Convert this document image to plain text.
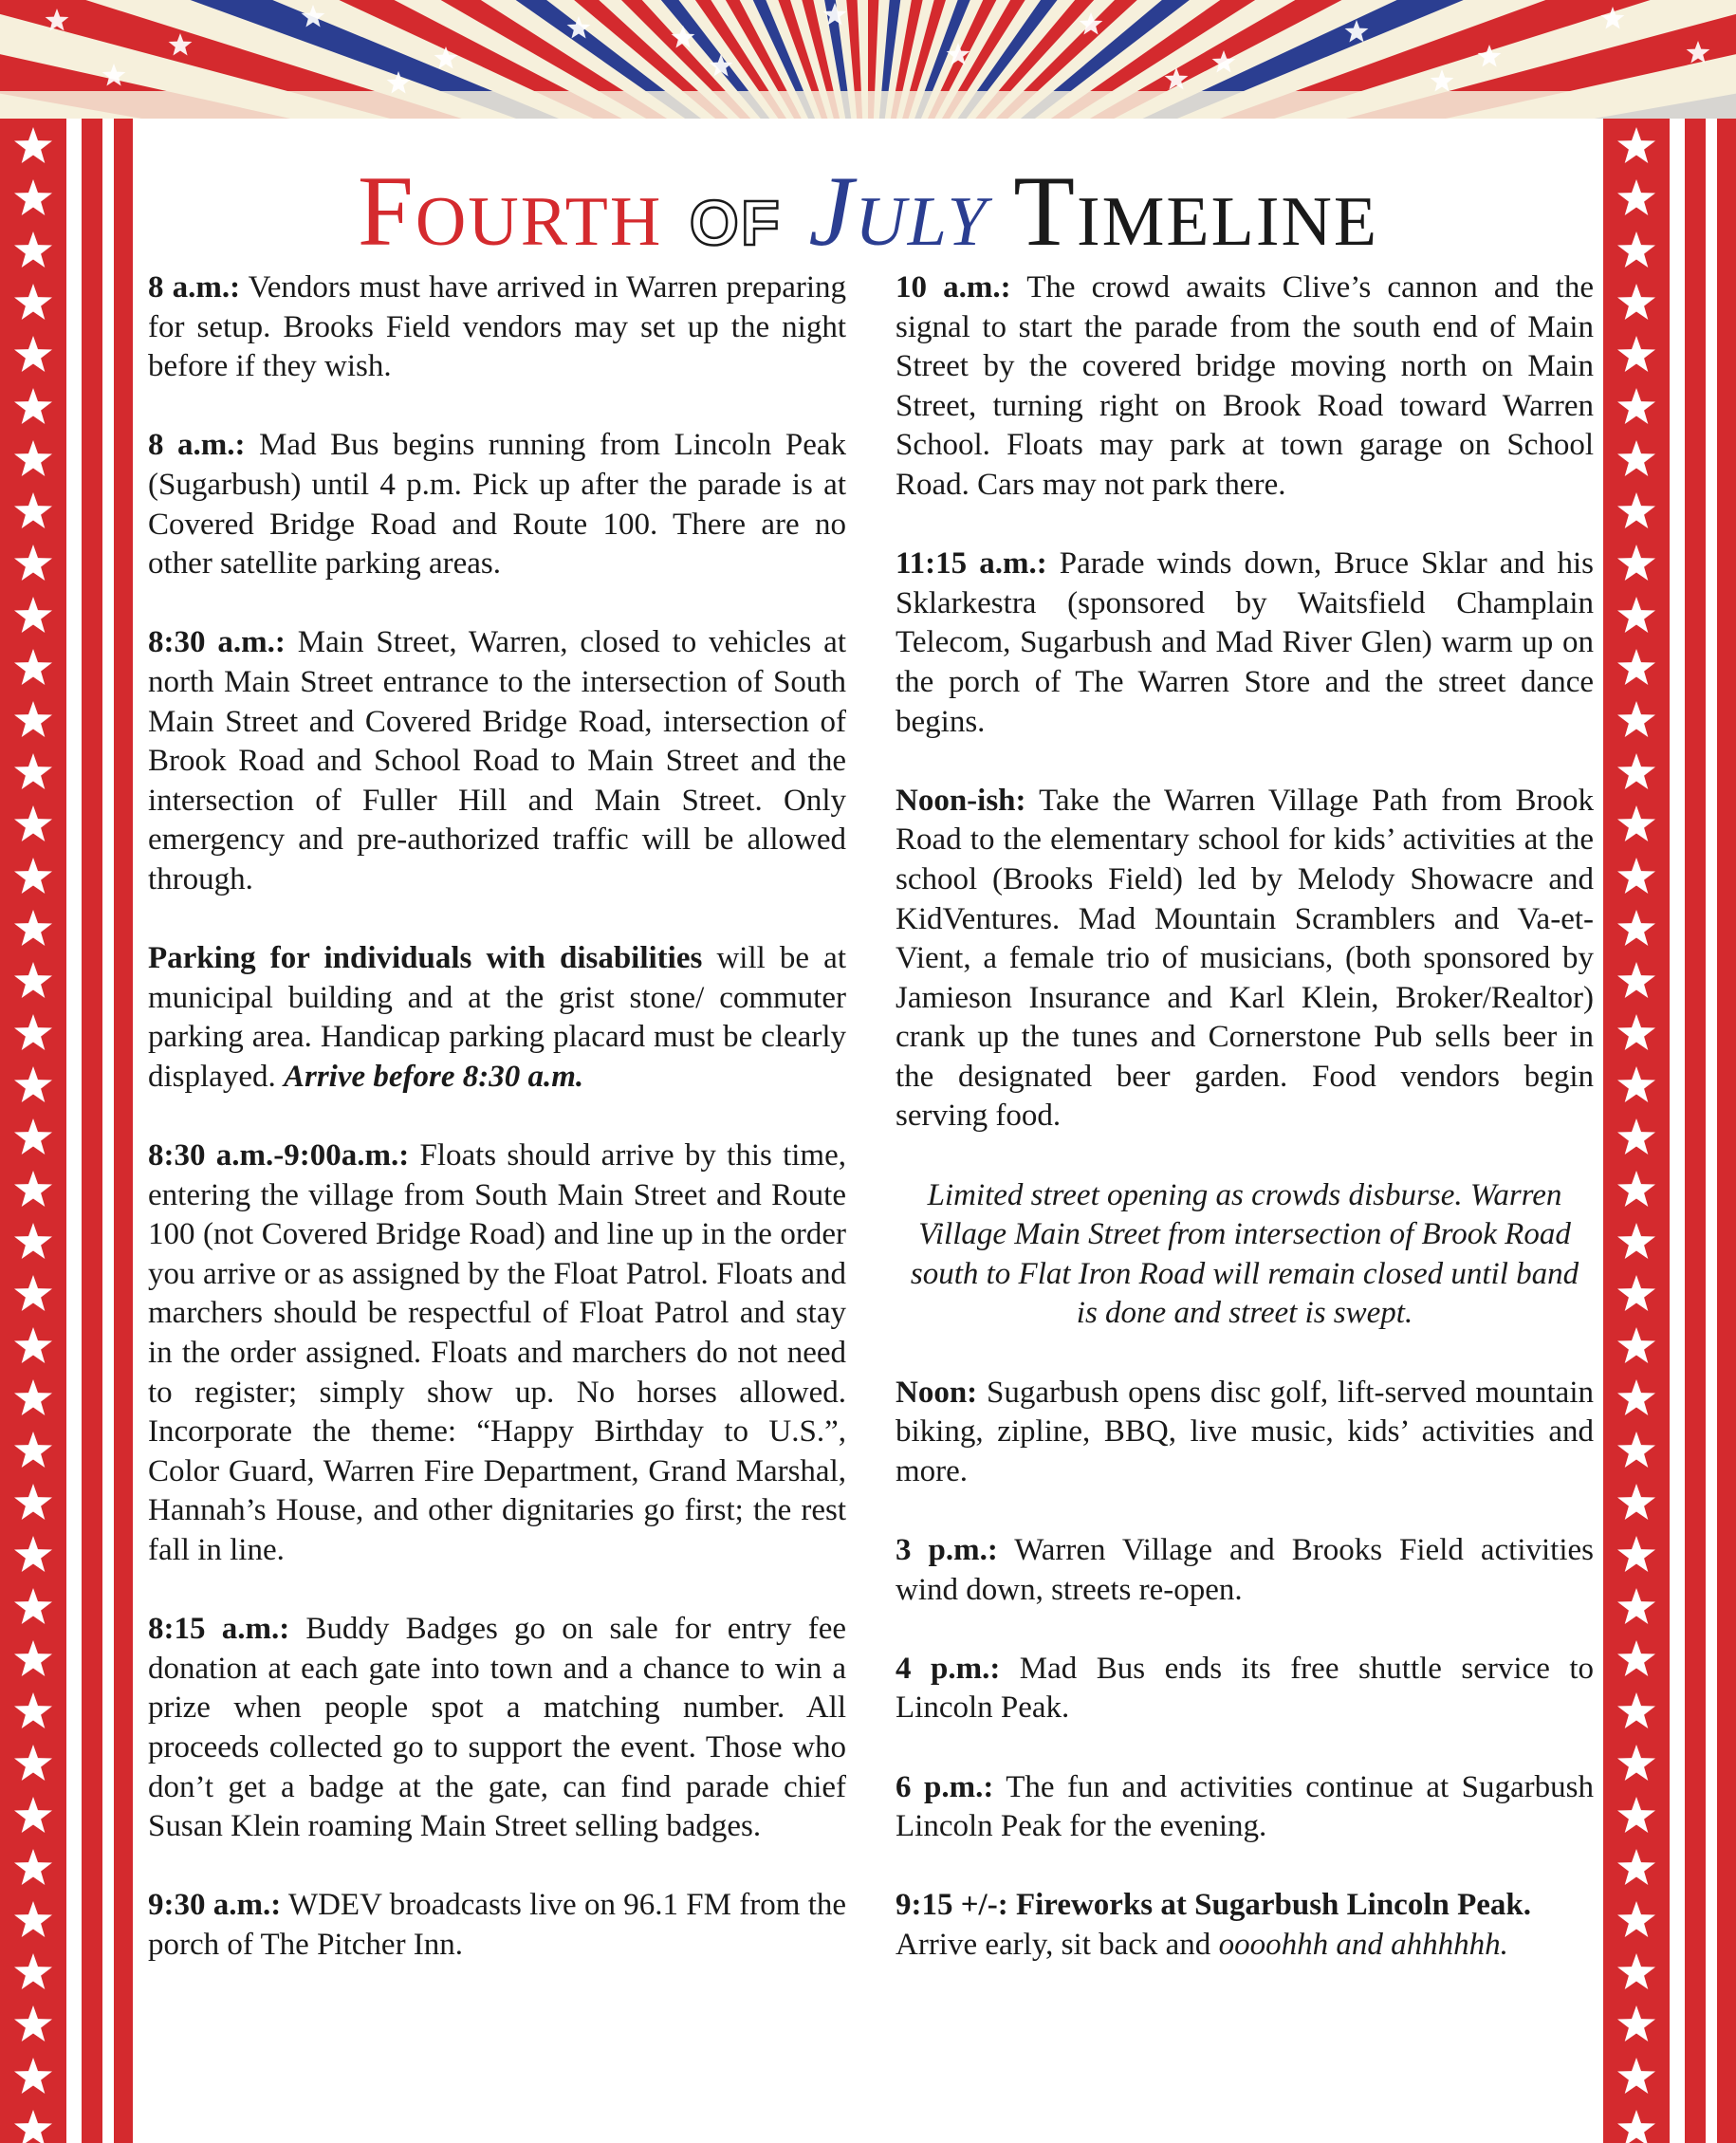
Fourth of July Timeline

8 a.m.: Vendors must have arrived in Warren preparing for setup. Brooks Field vendors may set up the night before if they wish.

8 a.m.: Mad Bus begins running from Lincoln Peak (Sugarbush) until 4 p.m. Pick up after the parade is at Covered Bridge Road and Route 100. There are no other satellite parking areas.

8:30 a.m.: Main Street, Warren, closed to vehicles at north Main Street entrance to the intersection of South Main Street and Covered Bridge Road, intersection of Brook Road and School Road to Main Street and the intersection of Fuller Hill and Main Street. Only emergency and pre-authorized traffic will be allowed through.

Parking for individuals with disabilities will be at municipal building and at the grist stone/ commuter parking area. Handicap parking placard must be clearly displayed. Arrive before 8:30 a.m.

8:30 a.m.-9:00a.m.: Floats should arrive by this time, entering the village from South Main Street and Route 100 (not Covered Bridge Road) and line up in the order you arrive or as assigned by the Float Patrol. Floats and marchers should be respectful of Float Patrol and stay in the order assigned. Floats and marchers do not need to register; simply show up. No horses allowed. Incorporate the theme: “Happy Birthday to U.S.”, Color Guard, Warren Fire Department, Grand Marshal, Hannah’s House, and other dignitaries go first; the rest fall in line.

8:15 a.m.: Buddy Badges go on sale for entry fee donation at each gate into town and a chance to win a prize when people spot a matching number. All proceeds collected go to support the event. Those who don’t get a badge at the gate, can find parade chief Susan Klein roaming Main Street selling badges.

9:30 a.m.: WDEV broadcasts live on 96.1 FM from the porch of The Pitcher Inn.

10 a.m.: The crowd awaits Clive’s cannon and the signal to start the parade from the south end of Main Street by the covered bridge moving north on Main Street, turning right on Brook Road toward Warren School. Floats may park at town garage on School Road. Cars may not park there.

11:15 a.m.: Parade winds down, Bruce Sklar and his Sklarkestra (sponsored by Waitsfield Champlain Telecom, Sugarbush and Mad River Glen) warm up on the porch of The Warren Store and the street dance begins.

Noon-ish: Take the Warren Village Path from Brook Road to the elementary school for kids’ activities at the school (Brooks Field) led by Melody Showacre and KidVentures. Mad Mountain Scramblers and Va-et-Vient, a female trio of musicians, (both sponsored by Jamieson Insurance and Karl Klein, Broker/Realtor) crank up the tunes and Cornerstone Pub sells beer in the designated beer garden. Food vendors begin serving food.

Limited street opening as crowds disburse. Warren Village Main Street from intersection of Brook Road south to Flat Iron Road will remain closed until band is done and street is swept.

Noon: Sugarbush opens disc golf, lift-served mountain biking, zipline, BBQ, live music, kids’ activities and more.

3 p.m.: Warren Village and Brooks Field activities wind down, streets re-open.

4 p.m.: Mad Bus ends its free shuttle service to Lincoln Peak.

6 p.m.: The fun and activities continue at Sugarbush Lincoln Peak for the evening.

9:15 +/-: Fireworks at Sugarbush Lincoln Peak.
Arrive early, sit back and oooohhh and ahhhhhh.
